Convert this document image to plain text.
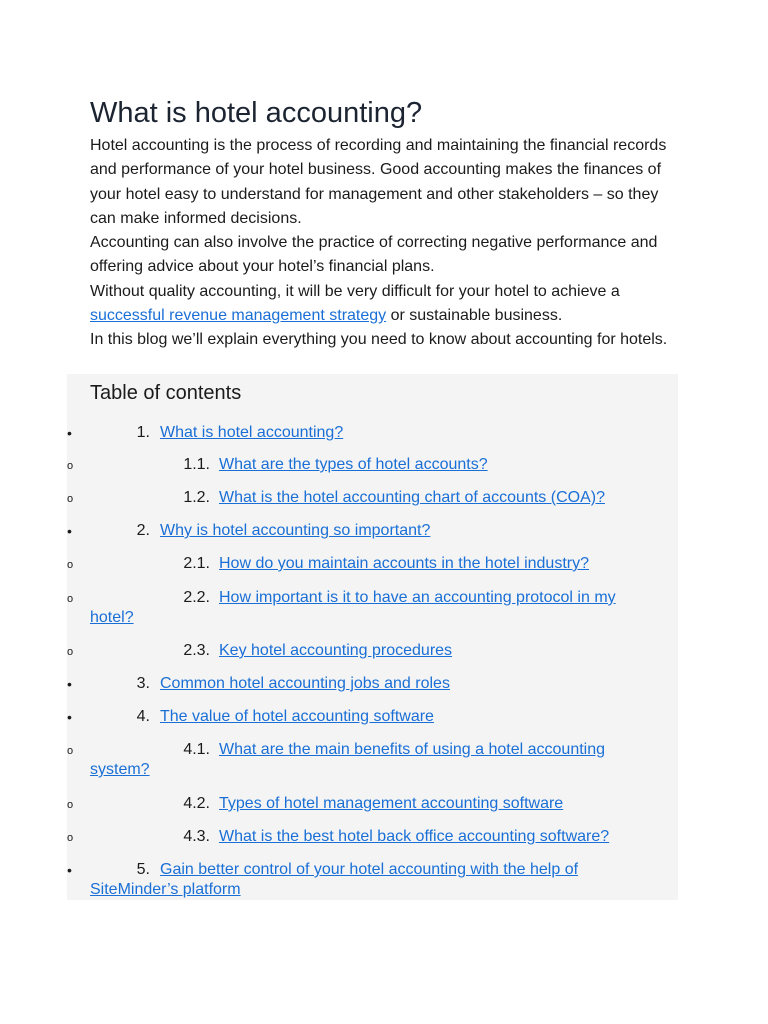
What is hotel accounting?

Hotel accounting is the process of recording and maintaining the financial records and performance of your hotel business. Good accounting makes the finances of your hotel easy to understand for management and other stakeholders – so they can make informed decisions.

Accounting can also involve the practice of correcting negative performance and offering advice about your hotel’s financial plans.

Without quality accounting, it will be very difficult for your hotel to achieve a successful revenue management strategy or sustainable business.

In this blog we’ll explain everything you need to know about accounting for hotels.

Table of contents
•	1. What is hotel accounting?
o	1.1. What are the types of hotel accounts?
o	1.2. What is the hotel accounting chart of accounts (COA)?
•	2. Why is hotel accounting so important?
o	2.1. How do you maintain accounts in the hotel industry?
o	2.2. How important is it to have an accounting protocol in my
hotel?
o	2.3. Key hotel accounting procedures
•	3. Common hotel accounting jobs and roles
•	4. The value of hotel accounting software
o	4.1. What are the main benefits of using a hotel accounting
system?
o	4.2. Types of hotel management accounting software
o	4.3. What is the best hotel back office accounting software?
•	5. Gain better control of your hotel accounting with the help of
SiteMinder’s platform
